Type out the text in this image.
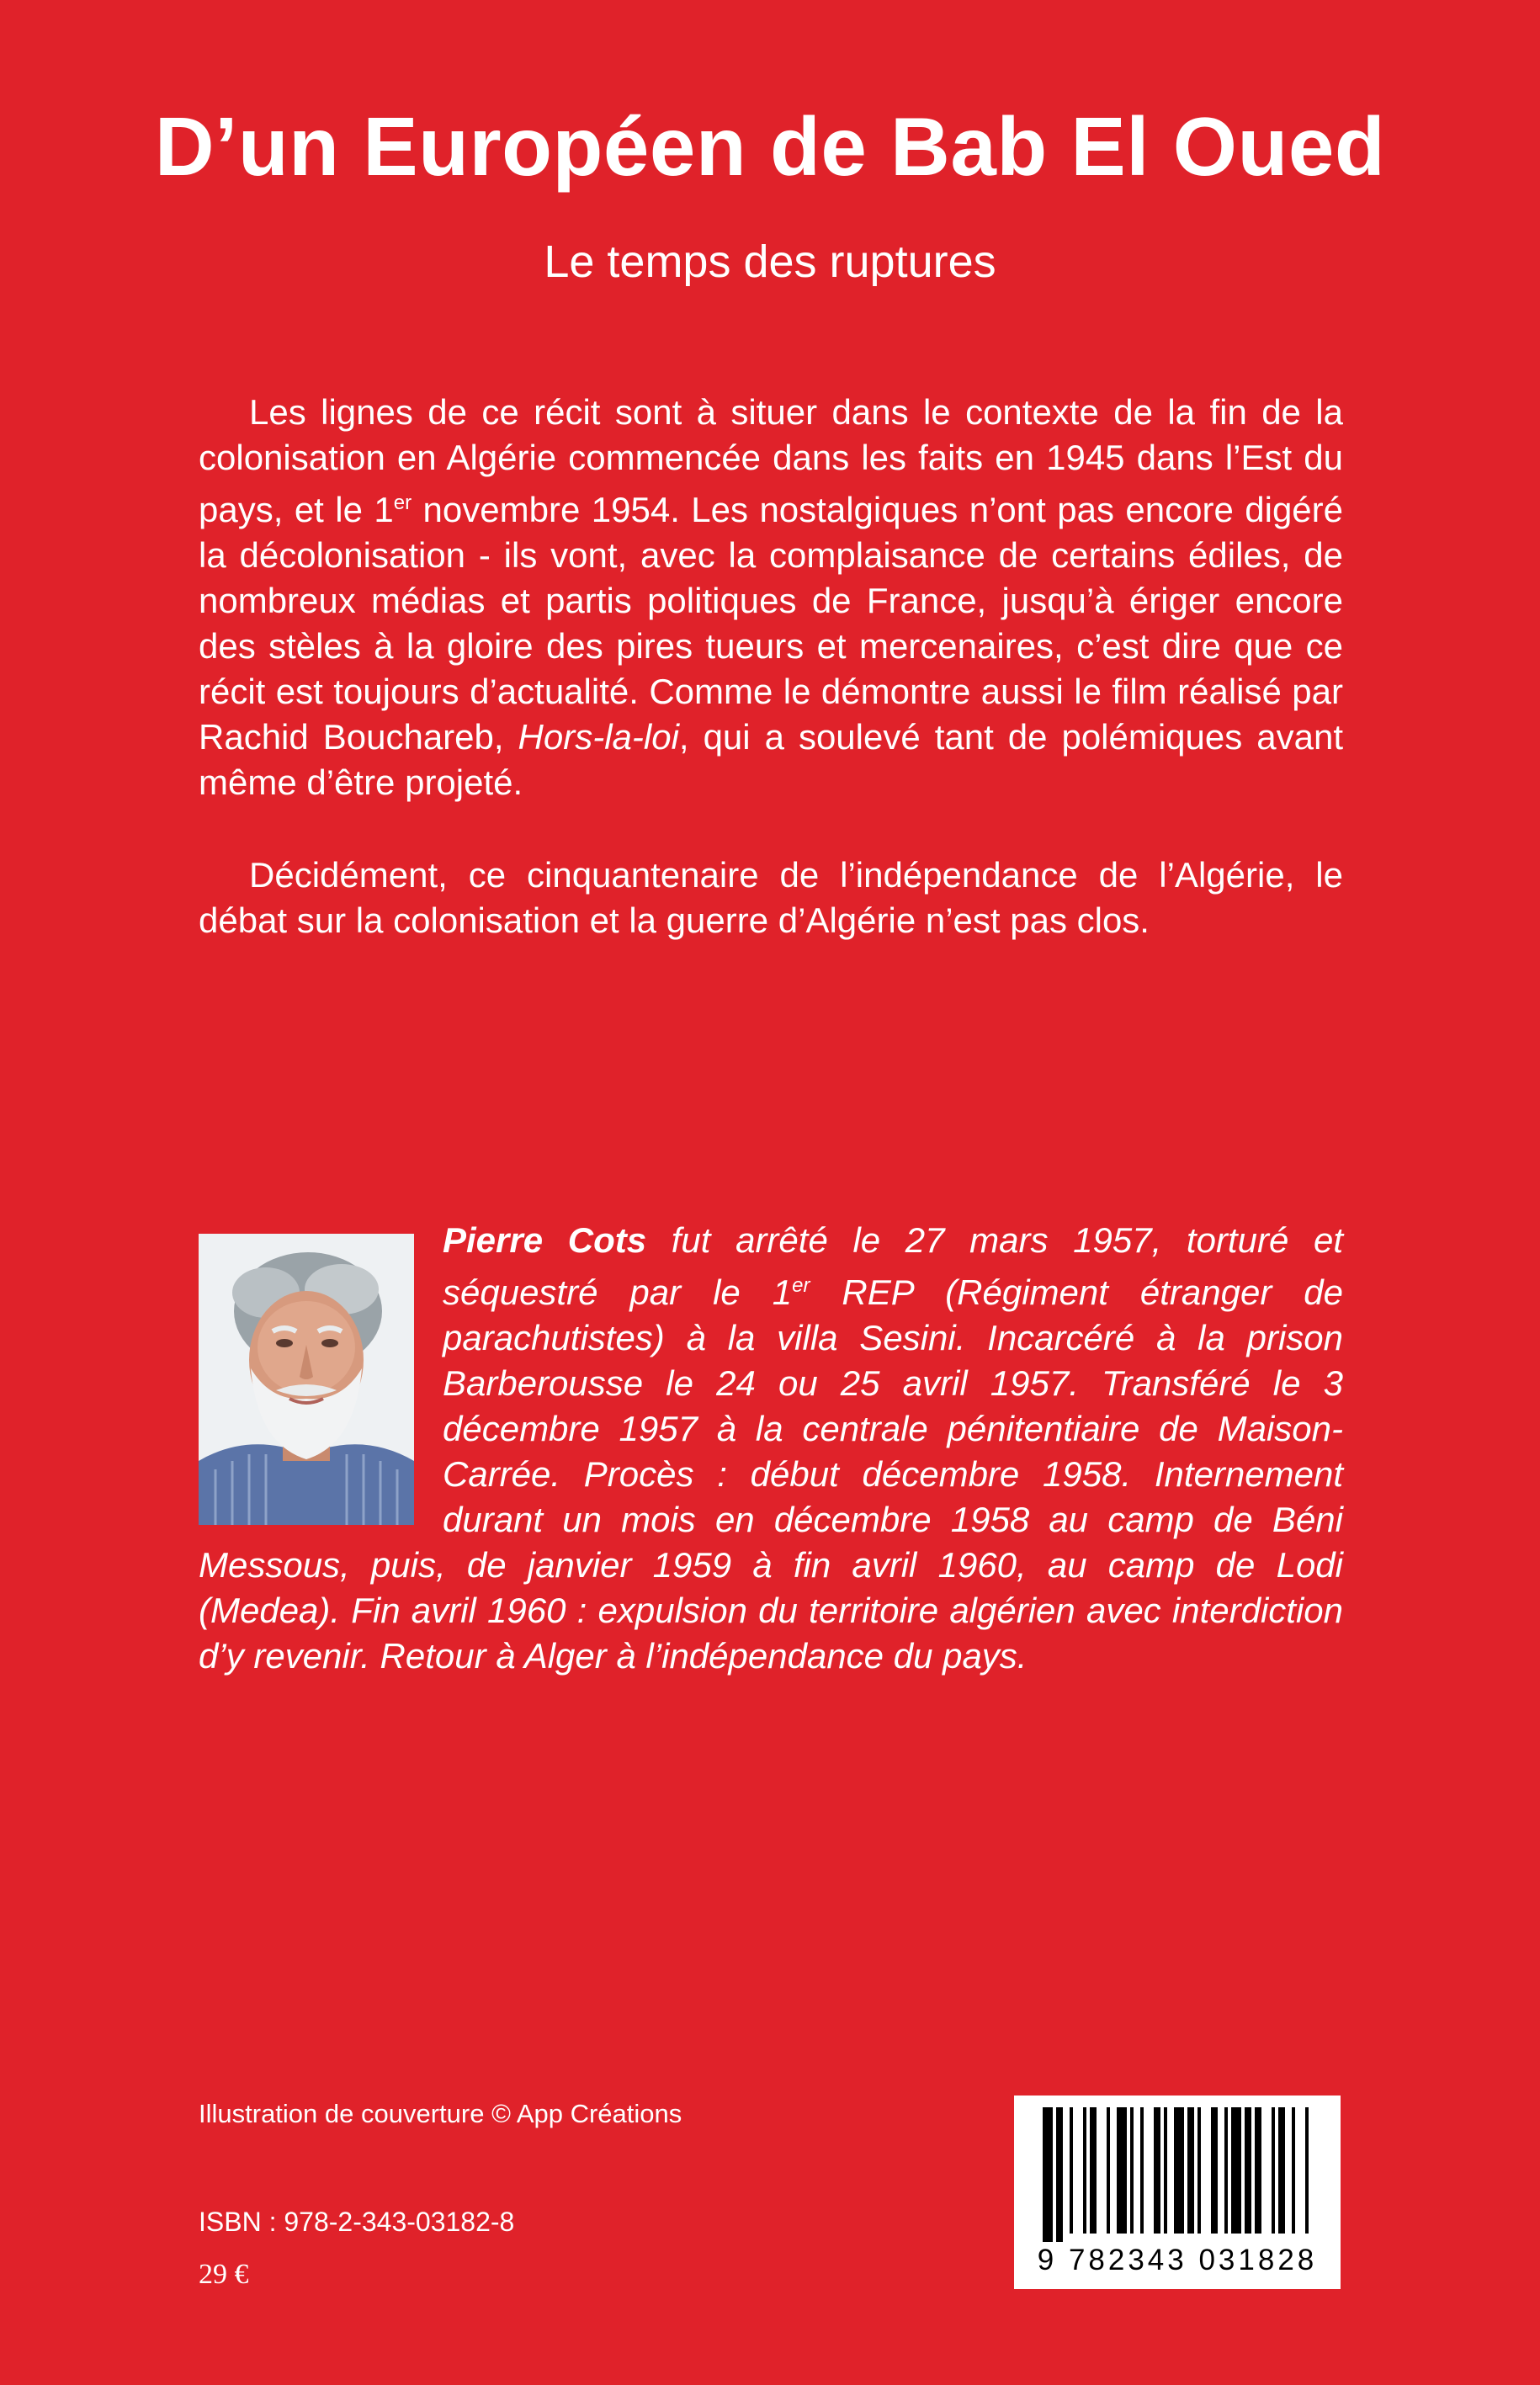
D’un Européen de Bab El Oued
Le temps des ruptures

Les lignes de ce récit sont à situer dans le contexte de la fin de la colonisation en Algérie commencée dans les faits en 1945 dans l’Est du pays, et le 1er novembre 1954. Les nostalgiques n’ont pas encore digéré la décolonisation - ils vont, avec la complaisance de certains édiles, de nombreux médias et partis politiques de France, jusqu’à ériger encore des stèles à la gloire des pires tueurs et mercenaires, c’est dire que ce récit est toujours d’actualité. Comme le démontre aussi le film réalisé par Rachid Bouchareb, Hors-la-loi, qui a soulevé tant de polémiques avant même d’être projeté.

Décidément, ce cinquantenaire de l’indépendance de l’Algérie, le débat sur la colonisation et la guerre d’Algérie n’est pas clos.

Pierre Cots fut arrêté le 27 mars 1957, torturé et séquestré par le 1er REP (Régiment étranger de parachutistes) à la villa Sesini. Incarcéré à la prison Barberousse le 24 ou 25 avril 1957. Transféré le 3 décembre 1957 à la centrale pénitentiaire de Maison-Carrée. Procès : début décembre 1958. Internement durant un mois en décembre 1958 au camp de Béni Messous, puis, de janvier 1959 à fin avril 1960, au camp de Lodi (Medea). Fin avril 1960 : expulsion du territoire algérien avec interdiction d’y revenir. Retour à Alger à l’indépendance du pays.
Illustration de couverture © App Créations
ISBN : 978-2-343-03182-8
29 €	9 782343 031828
